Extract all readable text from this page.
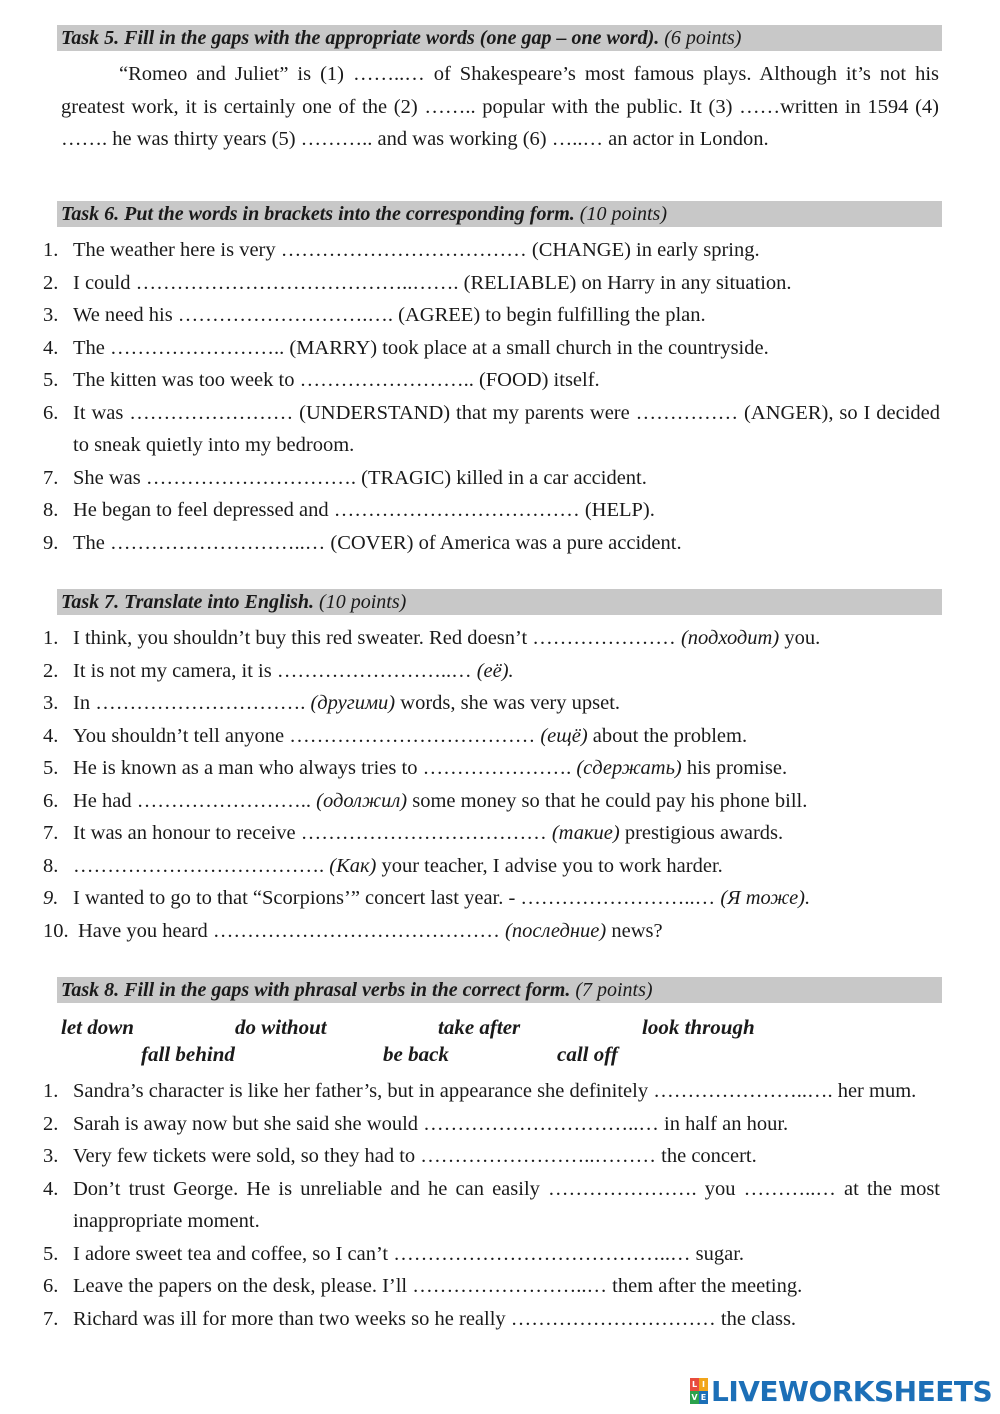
Task 5. Fill in the gaps with the appropriate words (one gap – one word). (6 points)
“Romeo and Juliet” is (1) ……..… of Shakespeare’s most famous plays. Although it’s not his greatest work, it is certainly one of the (2) …….. popular with the public. It (3) ……written in 1594 (4) ……. he was thirty years (5) ……….. and was working (6) …..… an actor in London.
Task 6. Put the words in brackets into the corresponding form. (10 points)
1. The weather here is very ……………………………… (CHANGE) in early spring.
2. I could …………………………………..……. (RELIABLE) on Harry in any situation.
3. We need his ……………………….…. (AGREE) to begin fulfilling the plan.
4. The …………………….. (MARRY) took place at a small church in the countryside.
5. The kitten was too week to …………………….. (FOOD) itself.
6. It was …………………… (UNDERSTAND) that my parents were …………… (ANGER), so I decided to sneak quietly into my bedroom.
7. She was …………………………. (TRAGIC) killed in a car accident.
8. He began to feel depressed and ……………………………… (HELP).
9. The ………………………..… (COVER) of America was a pure accident.
Task 7. Translate into English. (10 points)
1. I think, you shouldn’t buy this red sweater. Red doesn’t ………………… (подходит) you.
2. It is not my camera, it is ……………………..… (её).
3. In …………………………. (другими) words, she was very upset.
4. You shouldn’t tell anyone ……………………………… (ещё) about the problem.
5. He is known as a man who always tries to …………………. (сдержать) his promise.
6. He had …………………….. (одолжил) some money so that he could pay his phone bill.
7. It was an honour to receive ……………………………… (такие) prestigious awards.
8. ………………………………. (Как) your teacher, I advise you to work harder.
9. I wanted to go to that “Scorpions’” concert last year. - ……………………..… (Я тоже).
10. Have you heard …………………………………… (последние) news?
Task 8. Fill in the gaps with phrasal verbs in the correct form. (7 points)
let down	do without	take after	look through
fall behind	be back	call off
1. Sandra’s character is like her father’s, but in appearance she definitely …………………..…. her mum.
2. Sarah is away now but she said she would …………………………..… in half an hour.
3. Very few tickets were sold, so they had to ……………………..……… the concert.
4. Don’t trust George. He is unreliable and he can easily …………………. you ………..… at the most inappropriate moment.
5. I adore sweet tea and coffee, so I can’t …………………………………..… sugar.
6. Leave the papers on the desk, please. I’ll ……………………..… them after the meeting.
7. Richard was ill for more than two weeks so he really ………………………… the class.
L I
V E LIVEWORKSHEETS
